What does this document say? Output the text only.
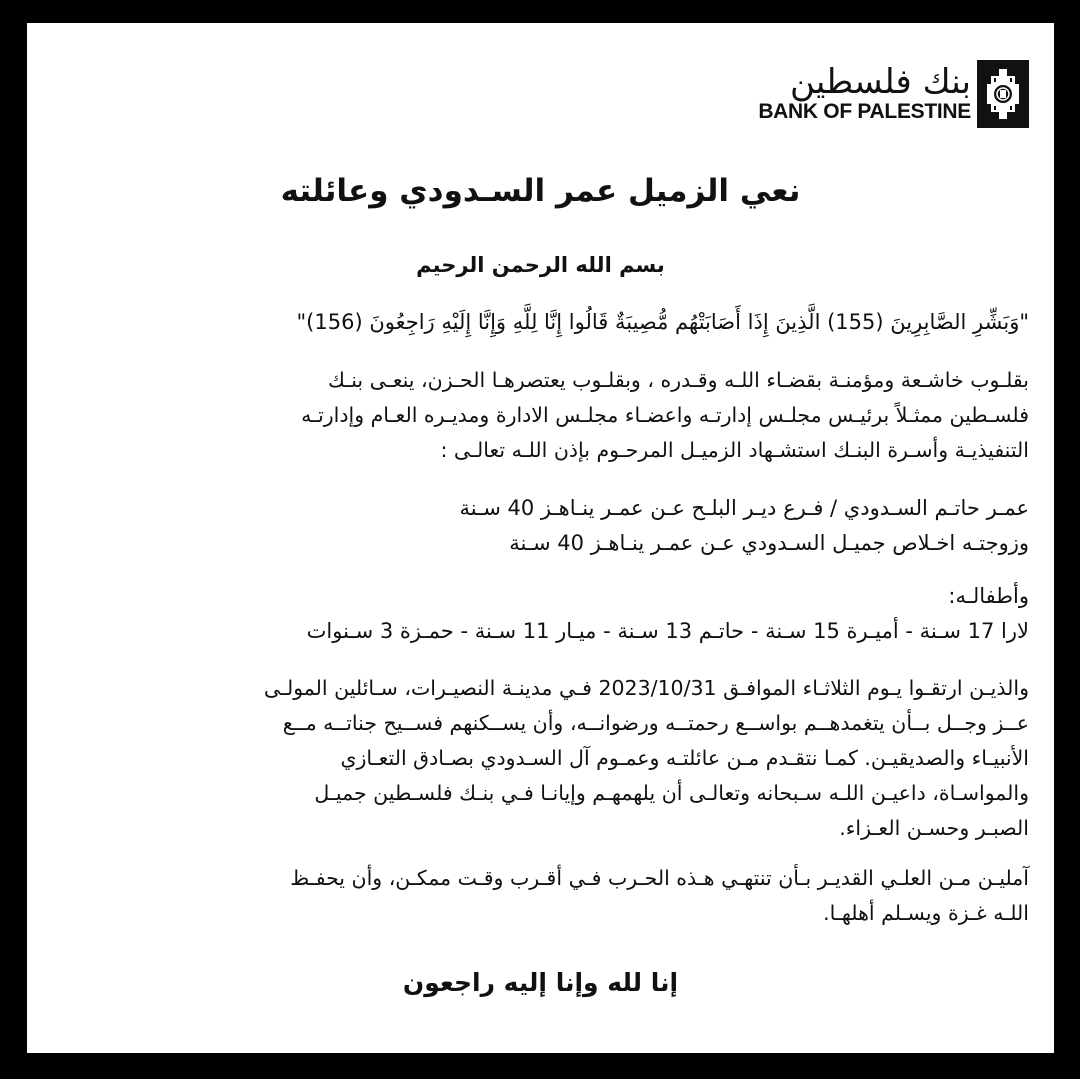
بنك فلسطين
BANK OF PALESTINE
نعي الزميل عمر السـدودي وعائلته
بسم الله الرحمن الرحيم
"وَبَشِّرِ الصَّابِرِينَ (155) الَّذِينَ إِذَا أَصَابَتْهُم مُّصِيبَةٌ قَالُوا إِنَّا لِلَّهِ وَإِنَّا إِلَيْهِ رَاجِعُونَ (156)"
بقلـوب خاشـعة ومؤمنـة بقضـاء اللـه وقـدره ، وبقلـوب يعتصرهـا الحـزن، ينعـى بنـك
فلسـطين ممثـلاً برئيـس مجلـس إدارتـه واعضـاء مجلـس الادارة ومديـره العـام وإدارتـه
التنفيذيـة وأسـرة البنـك استشـهاد الزميـل المرحـوم بإذن اللـه تعالـى :
عمـر حاتـم السـدودي / فـرع ديـر البلـح عـن عمـر ينـاهـز 40 سـنة
وزوجتـه اخـلاص جميـل السـدودي عـن عمـر ينـاهـز 40 سـنة
وأطفالـه:
لارا 17 سـنة - أميـرة 15 سـنة - حاتـم 13 سـنة - ميـار 11 سـنة - حمـزة 3 سـنوات
والذيـن ارتقـوا يـوم الثلاثـاء الموافـق 2023/10/31 فـي مدينـة النصيـرات، سـائلين المولـى
عــز وجــل بــأن يتغمدهــم بواســع رحمتــه ورضوانــه، وأن يســكنهم فســيح جناتــه مــع
الأنبيـاء والصديقيـن. كمـا نتقـدم مـن عائلتـه وعمـوم آل السـدودي بصـادق التعـازي
والمواسـاة، داعيـن اللـه سـبحانه وتعالـى أن يلهمهـم وإيانـا فـي بنـك فلسـطين جميـل
الصبـر وحسـن العـزاء.
آمليـن مـن العلـي القديـر بـأن تنتهـي هـذه الحـرب فـي أقـرب وقـت ممكـن، وأن يحفـظ
اللـه غـزة ويسـلم أهلهـا.
إنا لله وإنا إليه راجعون
